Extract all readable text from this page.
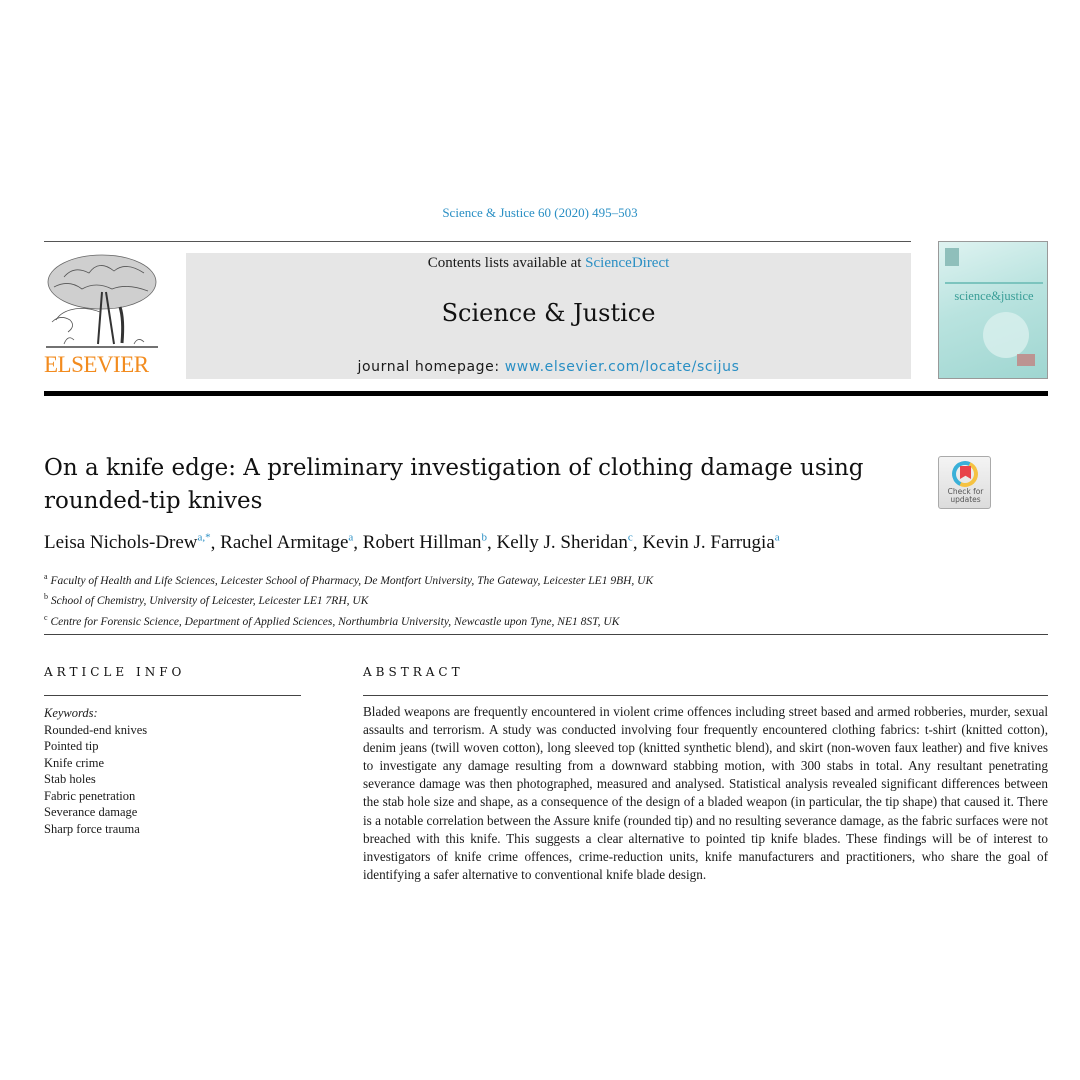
Science & Justice 60 (2020) 495–503
ELSEVIER
Contents lists available at ScienceDirect
Science & Justice
journal homepage: www.elsevier.com/locate/scijus
science&justice
On a knife edge: A preliminary investigation of clothing damage using rounded-tip knives	Check for
updates
Leisa Nichols-Drew$^{a,*}$, Rachel Armitage$^a$, Robert Hillman$^b$, Kelly J. Sheridan$^c$, Kevin J. Farrugia$^a$
$^a$ Faculty of Health and Life Sciences, Leicester School of Pharmacy, De Montfort University, The Gateway, Leicester LE1 9BH, UK
$^b$ School of Chemistry, University of Leicester, Leicester LE1 7RH, UK
$^c$ Centre for Forensic Science, Department of Applied Sciences, Northumbria University, Newcastle upon Tyne, NE1 8ST, UK
ARTICLE INFO	ABSTRACT
Keywords:
Rounded-end knives
Pointed tip
Knife crime
Stab holes
Fabric penetration
Severance damage
Sharp force trauma
Bladed weapons are frequently encountered in violent crime offences including street based and armed robberies, murder, sexual assaults and terrorism. A study was conducted involving four frequently encountered clothing fabrics: t-shirt (knitted cotton), denim jeans (twill woven cotton), long sleeved top (knitted synthetic blend), and skirt (non-woven faux leather) and five knives to investigate any damage resulting from a downward stabbing motion, with 300 stabs in total. Any resultant penetrating severance damage was then photographed, measured and analysed. Statistical analysis revealed significant differences between the stab hole size and shape, as a consequence of the design of a bladed weapon (in particular, the tip shape) that caused it. There is a notable correlation between the Assure knife (rounded tip) and no resulting severance damage, as the fabric surfaces were not breached with this knife. This suggests a clear alternative to pointed tip knife blades. These findings will be of interest to investigators of knife crime offences, crime-reduction units, knife manufacturers and practitioners, who share the goal of identifying a safer alternative to conventional knife blade design.
